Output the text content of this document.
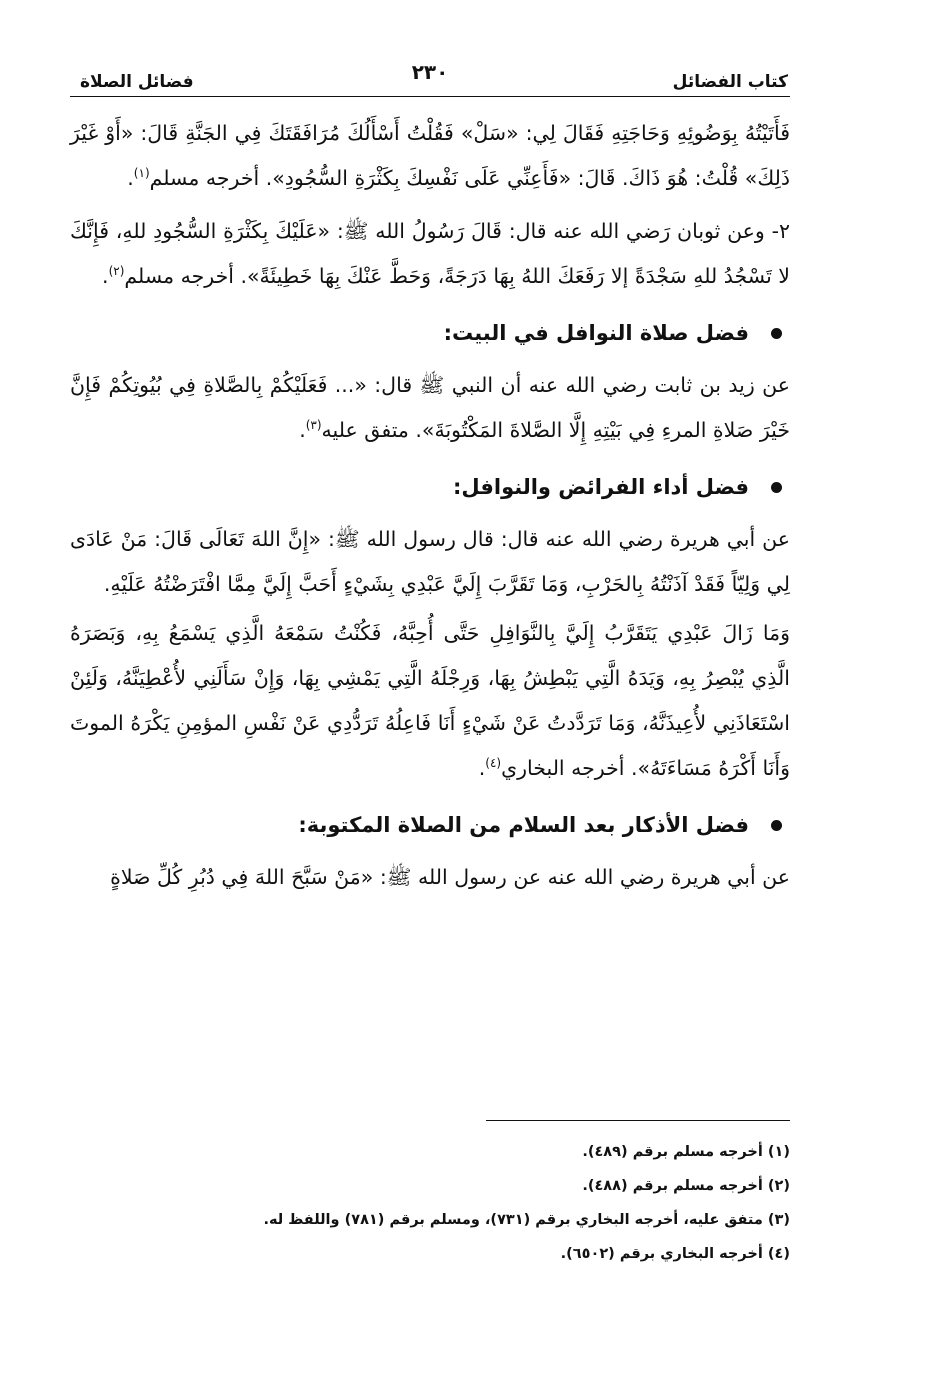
كتاب الفضائل
٢٣٠
فضائل الصلاة

فَأَتَيْتُهُ بِوَضُوئِهِ وَحَاجَتِهِ فَقَالَ لِي: «سَلْ» فَقُلْتُ أَسْأَلُكَ مُرَافَقَتَكَ فِي الجَنَّةِ قَالَ: «أَوْ غَيْرَ ذَلِكَ» قُلْتُ: هُوَ ذَاكَ. قَالَ: «فَأَعِنِّي عَلَى نَفْسِكَ بِكَثْرَةِ السُّجُودِ». أخرجه مسلم$^{(١)}$.

٢- وعن ثوبان رَضي الله عنه قال: قَالَ رَسُولُ الله ﷺ: «عَلَيْكَ بِكَثْرَةِ السُّجُودِ للهِ، فَإِنَّكَ لا تَسْجُدُ للهِ سَجْدَةً إلا رَفَعَكَ اللهُ بِهَا دَرَجَةً، وَحَطَّ عَنْكَ بِهَا خَطِيئَةً». أخرجه مسلم$^{(٢)}$.

فضل صلاة النوافل في البيت:

عن زيد بن ثابت رضي الله عنه أن النبي ﷺ قال: «... فَعَلَيْكُمْ بِالصَّلاةِ فِي بُيُوتِكُمْ فَإِنَّ خَيْرَ صَلاةِ المرءِ فِي بَيْتِهِ إِلَّا الصَّلاةَ المَكْتُوبَةَ». متفق عليه$^{(٣)}$.

فضل أداء الفرائض والنوافل:

عن أبي هريرة رضي الله عنه قال: قال رسول الله ﷺ: «إِنَّ اللهَ تَعَالَى قَالَ: مَنْ عَادَى لِي وَلِيّاً فَقَدْ آذَنْتُهُ بِالحَرْبِ، وَمَا تَقَرَّبَ إِلَيَّ عَبْدِي بِشَيْءٍ أَحَبَّ إِلَيَّ مِمَّا افْتَرَضْتُهُ عَلَيْهِ.

وَمَا زَالَ عَبْدِي يَتَقَرَّبُ إِلَيَّ بِالنَّوَافِلِ حَتَّى أُحِبَّهُ، فَكُنْتُ سَمْعَهُ الَّذِي يَسْمَعُ بِهِ، وَبَصَرَهُ الَّذِي يُبْصِرُ بِهِ، وَيَدَهُ الَّتِي يَبْطِشُ بِهَا، وَرِجْلَهُ الَّتِي يَمْشِي بِهَا، وَإِنْ سَأَلَنِي لأُعْطِيَنَّهُ، وَلَئِنْ اسْتَعَاذَنِي لأُعِيذَنَّهُ، وَمَا تَرَدَّدتُ عَنْ شَيْءٍ أَنَا فَاعِلُهُ تَرَدُّدِي عَنْ نَفْسِ المؤمِنِ يَكْرَهُ الموتَ وَأَنَا أَكْرَهُ مَسَاءَتَهُ». أخرجه البخاري$^{(٤)}$.

فضل الأذكار بعد السلام من الصلاة المكتوبة:

عن أبي هريرة رضي الله عنه عن رسول الله ﷺ: «مَنْ سَبَّحَ اللهَ فِي دُبُرِ كُلِّ صَلاةٍ

(١) أخرجه مسلم برقم (٤٨٩).

(٢) أخرجه مسلم برقم (٤٨٨).

(٣) متفق عليه، أخرجه البخاري برقم (٧٣١)، ومسلم برقم (٧٨١) واللفظ له.

(٤) أخرجه البخاري برقم (٦٥٠٢).
